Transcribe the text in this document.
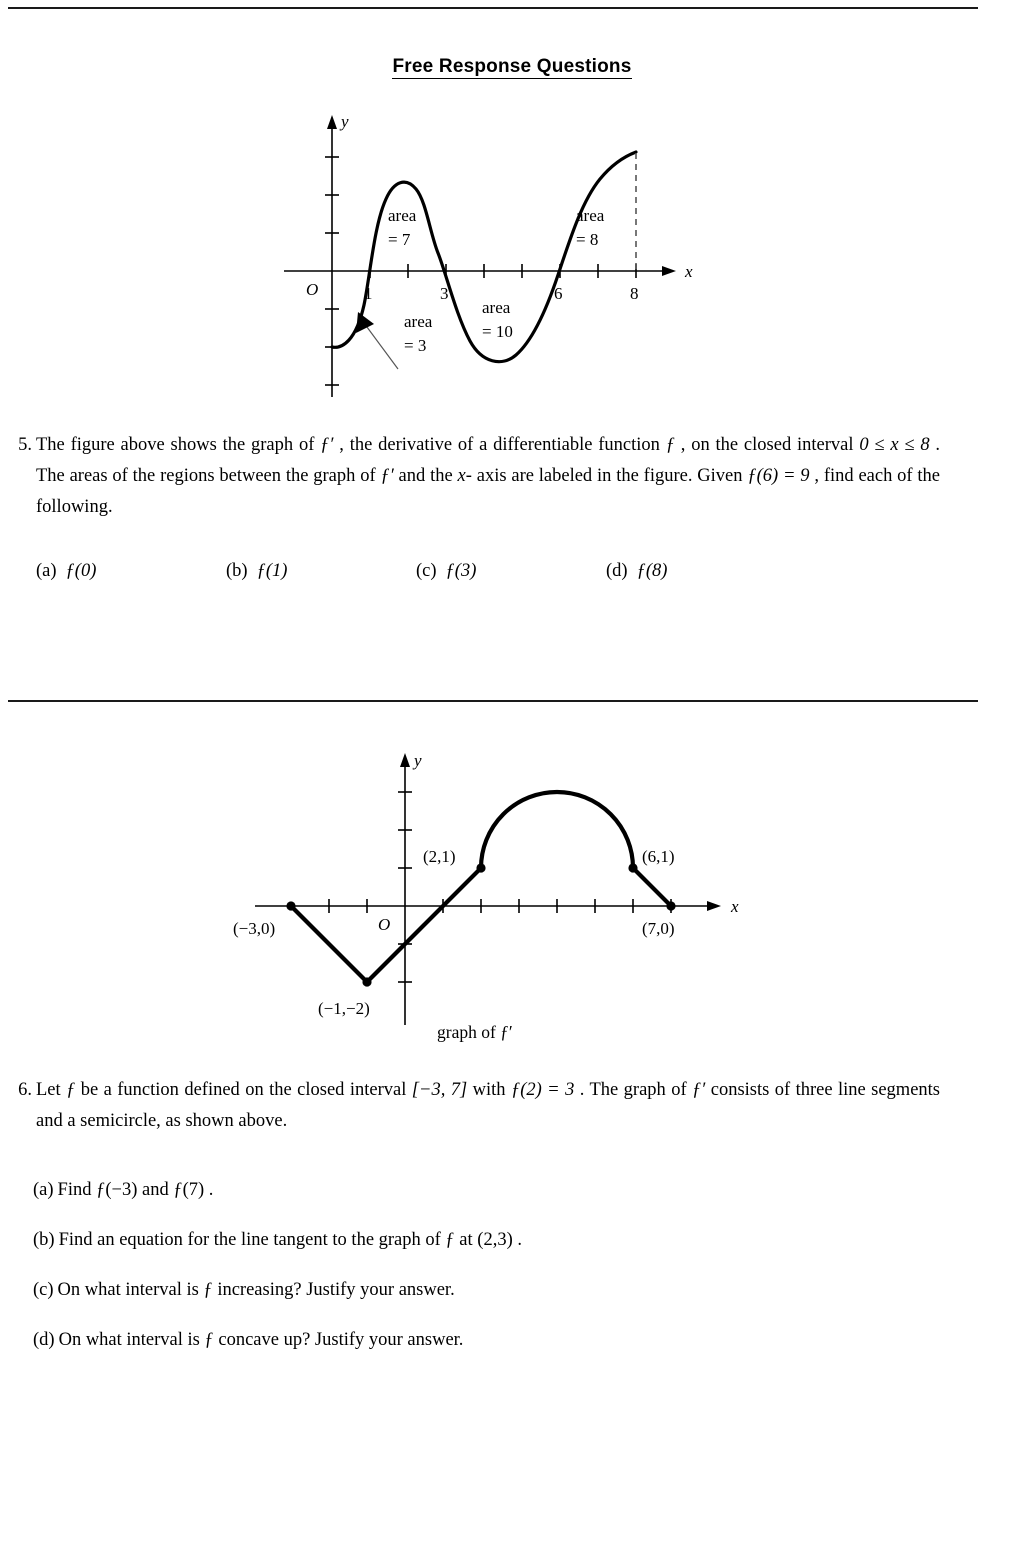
Free Response Questions
x
y
O	1	3	6	8
area
= 7
area
= 3
area
= 10
area
= 8
5. The figure above shows the graph of ƒ′ , the derivative of a differentiable function ƒ , on the closed interval 0 ≤ x ≤ 8 . The areas of the regions between the graph of ƒ′ and the x- axis are labeled in the figure. Given ƒ(6) = 9 , find each of the following.

(a) ƒ(0)	(b) ƒ(1)	(c) ƒ(3)	(d) ƒ(8)
x
y
O
(−3,0)
(−1,−2)
(2,1)	(6,1)
(7,0)
graph of ƒ′
6. Let ƒ be a function defined on the closed interval [−3, 7] with ƒ(2) = 3 . The graph of ƒ′ consists of three line segments and a semicircle, as shown above.

(a) Find ƒ(−3) and ƒ(7) .
(b) Find an equation for the line tangent to the graph of ƒ at (2,3) .
(c) On what interval is ƒ increasing? Justify your answer.
(d) On what interval is ƒ concave up? Justify your answer.
